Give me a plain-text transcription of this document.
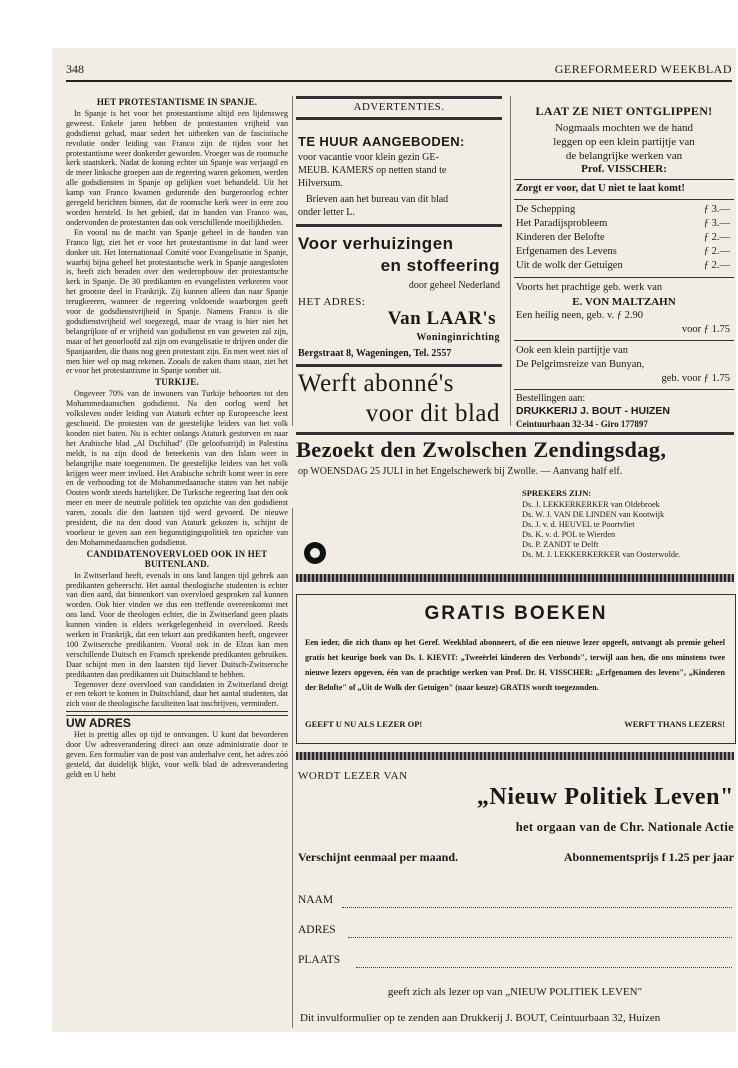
348	GEREFORMEERD WEEKBLAD
HET PROTESTANTISME IN SPANJE.

In Spanje is het voor het protestantisme altijd een lijdensweg geweest. Enkele jaren hebben de protestanten vrijheid van godsdienst gehad, maar sedert het uitbreken van de fascistische revolutie onder leiding van Franco zijn de tijden voor het protestantisme weer donkerder geworden. Vroeger was de roomsche kerk staatskerk. Nadat de koning echter uit Spanje was verjaagd en de meer linksche groepen aan de regeering waren gekomen, werden alle godsdiensten in Spanje op gelijken voet behandeld. Uit het kamp van Franco kwamen gedurende den burgeroorlog echter geregeld berichten binnen, dat de roomsche kerk weer in eere zou worden hersteld. In het gebied, dat in handen van Franco was, ondervonden de protestanten dan ook verschillende moeilijkheden.

En vooral nu de macht van Spanje geheel in de handen van Franco ligt, ziet het er voor het protestantisme in dat land weer donker uit. Het Internationaal Comité voor Evangelisatie in Spanje, waarbij bijna geheel het protestantsche werk in Spanje aangesloten is, heeft zich beraden over den wederopbouw der protestantsche kerk in Spanje. De 30 predikanten en evangelisten verkeeren voor het grootste deel in Frankrijk. Zij kunnen alleen dan naar Spanje terugkeeren, wanneer de regeering voldoende waarborgen geeft voor de godsdienstvrijheid in Spanje. Namens Franco is die godsdienstvrijheid wel toegezegd, maar de vraag is hier niet het belangrijkste of er vrijheid van godsdienst en van geweten zal zijn, maar of het geoorloofd zal zijn om evangelisatie te drijven onder die Spanjaarden, die thans nog geen protestant zijn. En men weet niet of men hier wel op mag rekenen. Zooals de zaken thans staan, ziet het er voor het protestantisme in Spanje somber uit.

TURKIJE.

Ongeveer 70% van de inwoners van Turkije behoorten tot den Mohammedaanschen godsdienst. Na den oorlog werd het volksleven onder leiding van Ataturk echter op Europeesche leest geschoeid. De protesten van de geestelijke leiders van het volk konden niet baten. Nu is echter onlangs Ataturk gestorven en naar het Arabische blad „Al Dschihad" (De geloofsstrijd) in Palestina meldt, is na zijn dood de beteekenis van den Islam weer in belangrijke mate toegenomen. De geestelijke leiders van het volk krijgen weer meer invloed. Het Arabische schrift komt weer in eere en de verhouding tot de Mohammedaansche staten van het nabije Oosten wordt steeds hartelijker. De Turksche regeering laat den ook meer en meer de neutrale politiek ten opzichte van den godsdienst varen, zooals die den laatsten tijd werd gevoerd. De nieuwe president, die na den dood van Ataturk gekozen is, schijnt de voorkeur te geven aan een begunstigingspolitiek ten opzichte van den Mohammedaanschen godsdienst.

CANDIDATENOVERVLOED OOK IN HET BUITENLAND.

In Zwitserland heeft, evenals in ons land langen tijd gebrek aan predikanten geheerscht. Het aantal theologische studenten is echter van dien aard, dat binnenkort van overvloed gesproken zal kunnen worden. Ook hier vinden we dus een treffende overeenkomst met ons land. Voor de theologen echter, die in Zwitserland geen plaats kunnen vinden is elders werkgelegenheid in overvloed. Reeds werken in Frankrijk, dat een tekort aan predikanten heeft, ongeveer 100 Zwitsersche predikanten. Vooral ook in de Elzas kan men verschillende Duitsch en Fransch sprekende predikanten gebruiken. Daar schijnt men in den laatsten tijd liever Duitsch-Zwitsersche predikanten dan predikanten uit Duitschland te hebben.

Tegenover deze overvloed van candidaten in Zwitserland dreigt er een tekort te komen in Duitschland, daar het aantal studenten, dat zich voor de theologische faculteiten laat inschrijven, vermindert.

UW ADRES

Het is prettig alles op tijd te ontvangen. U kunt dat bevorderen door Uw adresverandering direct aan onze administratie door te geven. Een formulier van de post van anderhalve cent, het adres zóó gesteld, dat duidelijk blijkt, voor welk blad de adresverandering geldt en U hebt

ADVERTENTIES.
TE HUUR AANGEBODEN:
voor vacantie voor klein gezin GE-
MEUB. KAMERS op netten stand te
Hilversum.
Brieven aan het bureau van dit blad
onder letter L.
Voor verhuizingen
en stoffeering
door geheel Nederland
HET ADRES:
Van LAAR's
Woninginrichting
Bergstraat 8, Wageningen, Tel. 2557
Werft abonné's
voor dit blad
LAAT ZE NIET ONTGLIPPEN!
Nogmaals mochten we de hand
leggen op een klein partijtje van
de belangrijke werken van
Prof. VISSCHER:
Zorgt er voor, dat U niet te laat komt!
De Schepping	ƒ 3.—
Het Paradijsprobleem	ƒ 3.—
Kinderen der Belofte	ƒ 2.—
Erfgenamen des Levens	ƒ 2.—
Uit de wolk der Getuigen	ƒ 2.—
Voorts het prachtige geb. werk van
E. VON MALTZAHN
Een heilig neen, geb. v. ƒ 2.90
voor ƒ 1.75
Ook een klein partijtje van
De Pelgrimsreize van Bunyan,
geb. voor ƒ 1.75
Bestellingen aan:
DRUKKERIJ J. BOUT - HUIZEN
Ceintuurbaan 32-34 - Giro 177897
Bezoekt den Zwolschen Zendingsdag,
op WOENSDAG 25 JULI in het Engelschewerk bij Zwolle. — Aanvang half elf.
SPREKERS ZIJN:
Ds. J. LEKKERKERKER van Oldebroek
Ds. W. J. VAN DE LINDEN van Kootwijk
Ds. J. v. d. HEUVEL te Poortvliet
Ds. K. v. d. POL te Wierden
Ds. P. ZANDT te Delft
Ds. M. J. LEKKERKERKER van Oosterwolde.
GRATIS BOEKEN
Een ieder, die zich thans op het Geref. Weekblad abonneert, of die een nieuwe lezer opgeeft, ontvangt als premie geheel gratis het keurige boek van Ds. I. KIEVIT: „Tweeërlei kinderen des Verbonds", terwijl aan hen, die ons minstens twee nieuwe lezers opgeven, één van de prachtige werken van Prof. Dr. H. VISSCHER: „Erfgenamen des levens", „Kinderen der Belofte" of „Uit de Wolk der Getuigen" (naar keuze) GRATIS wordt toegezonden.
GEEFT U NU ALS LEZER OP!	WERFT THANS LEZERS!
WORDT LEZER VAN
„Nieuw Politiek Leven"
het orgaan van de Chr. Nationale Actie
Verschijnt eenmaal per maand.	Abonnementsprijs f 1.25 per jaar
NAAM
ADRES
PLAATS
geeft zich als lezer op van „NIEUW POLITIEK LEVEN"
Dit invulformulier op te zenden aan Drukkerij J. BOUT, Ceintuurbaan 32, Huizen
